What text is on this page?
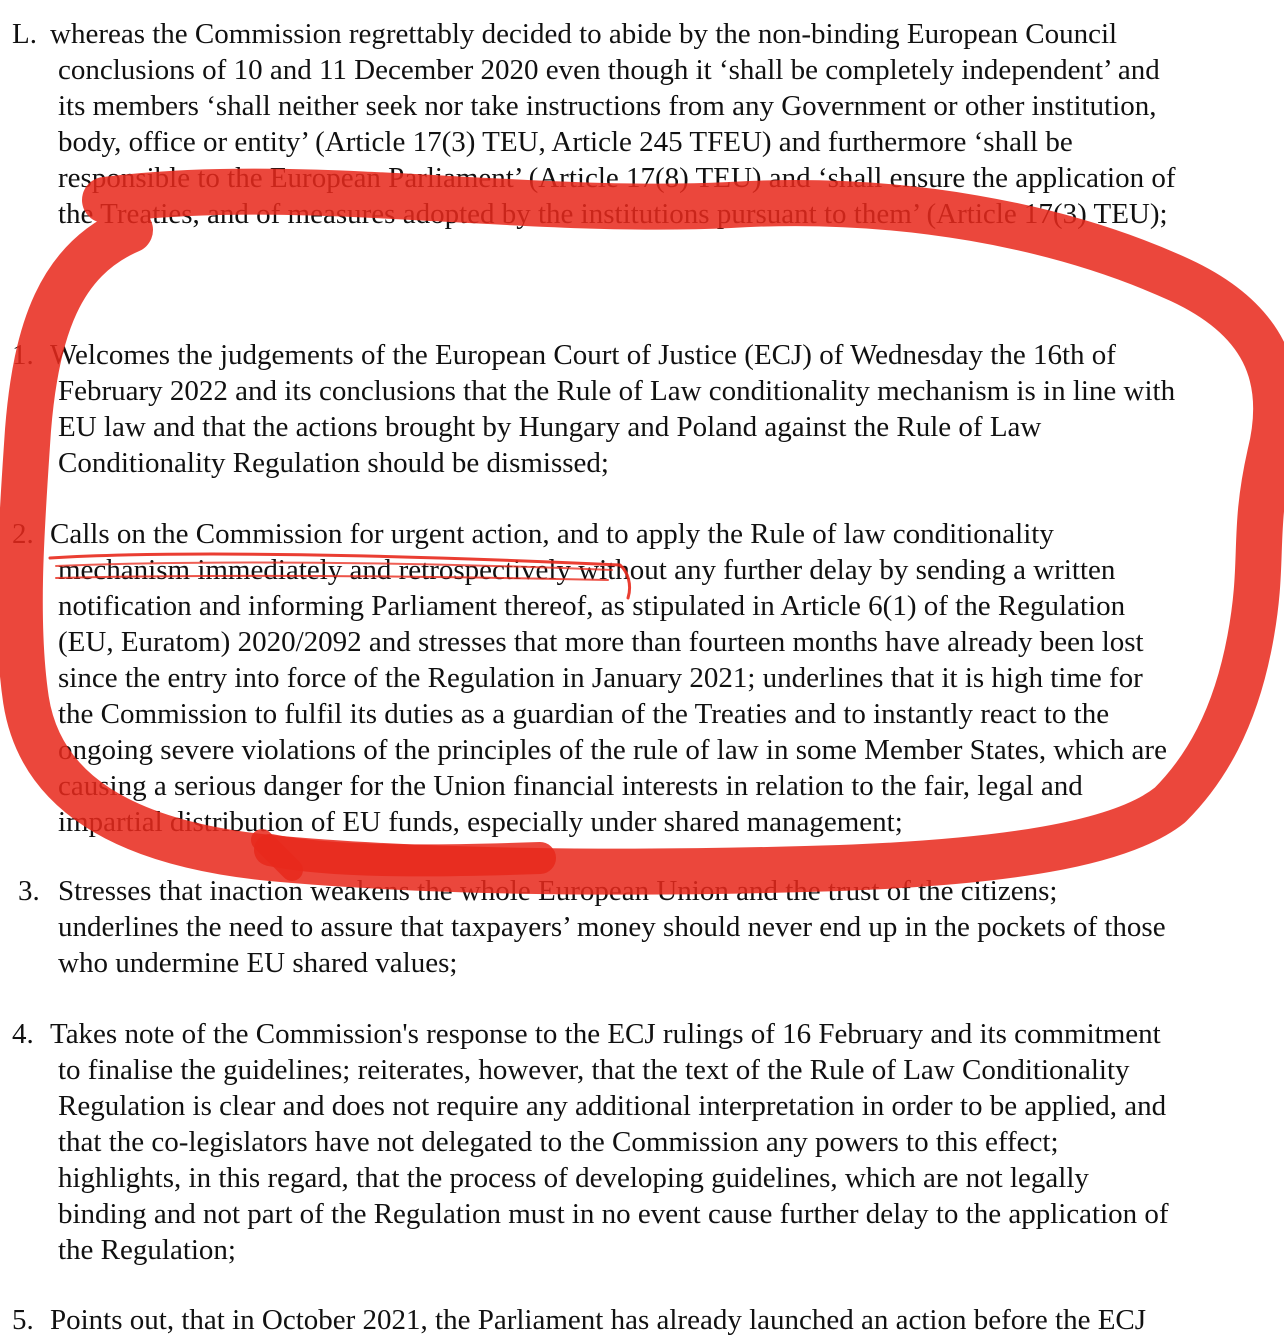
L. whereas the Commission regrettably decided to abide by the non-binding European Council
conclusions of 10 and 11 December 2020 even though it ‘shall be completely independent’ and
its members ‘shall neither seek nor take instructions from any Government or other institution,
body, office or entity’ (Article 17(3) TEU, Article 245 TFEU) and furthermore ‘shall be
responsible to the European Parliament’ (Article 17(8) TEU) and ‘shall ensure the application of
the Treaties, and of measures adopted by the institutions pursuant to them’ (Article 17(3) TEU);
1. Welcomes the judgements of the European Court of Justice (ECJ) of Wednesday the 16th of
February 2022 and its conclusions that the Rule of Law conditionality mechanism is in line with
EU law and that the actions brought by Hungary and Poland against the Rule of Law
Conditionality Regulation should be dismissed;
2. Calls on the Commission for urgent action, and to apply the Rule of law conditionality
mechanism immediately and retrospectively without any further delay by sending a written
notification and informing Parliament thereof, as stipulated in Article 6(1) of the Regulation
(EU, Euratom) 2020/2092 and stresses that more than fourteen months have already been lost
since the entry into force of the Regulation in January 2021; underlines that it is high time for
the Commission to fulfil its duties as a guardian of the Treaties and to instantly react to the
ongoing severe violations of the principles of the rule of law in some Member States, which are
causing a serious danger for the Union financial interests in relation to the fair, legal and
impartial distribution of EU funds, especially under shared management;
3. Stresses that inaction weakens the whole European Union and the trust of the citizens;
underlines the need to assure that taxpayers’ money should never end up in the pockets of those
who undermine EU shared values;
4. Takes note of the Commission's response to the ECJ rulings of 16 February and its commitment
to finalise the guidelines; reiterates, however, that the text of the Rule of Law Conditionality
Regulation is clear and does not require any additional interpretation in order to be applied, and
that the co-legislators have not delegated to the Commission any powers to this effect;
highlights, in this regard, that the process of developing guidelines, which are not legally
binding and not part of the Regulation must in no event cause further delay to the application of
the Regulation;
5. Points out, that in October 2021, the Parliament has already launched an action before the ECJ
